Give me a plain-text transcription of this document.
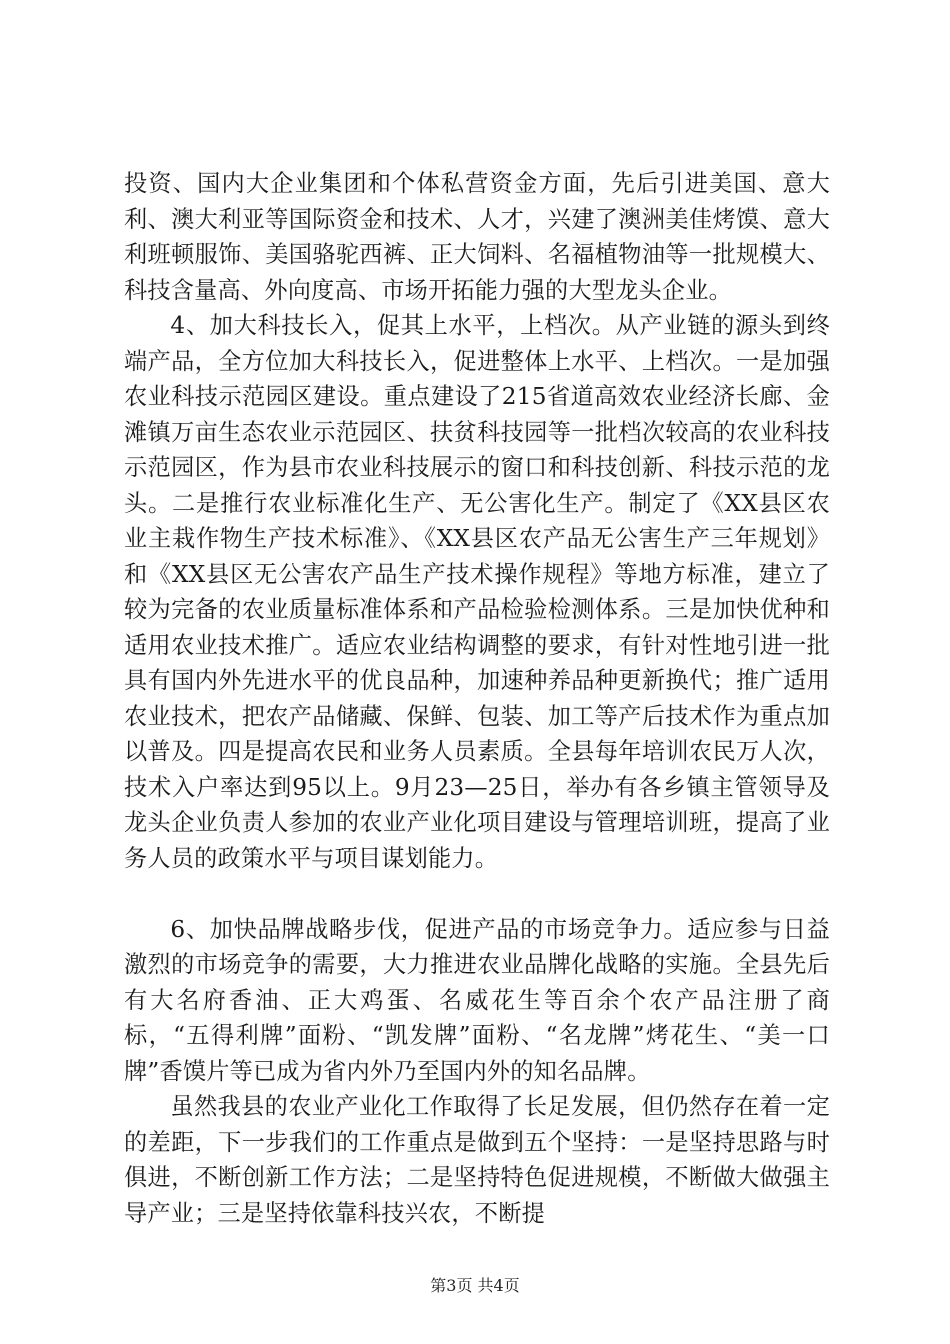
投资、国内大企业集团和个体私营资金方面，先后引进美国、意大利、澳大利亚等国际资金和技术、人才，兴建了澳洲美佳烤馍、意大利班顿服饰、美国骆驼西裤、正大饲料、名福植物油等一批规模大、科技含量高、外向度高、市场开拓能力强的大型龙头企业。

4、加大科技长入，促其上水平，上档次。从产业链的源头到终端产品，全方位加大科技长入，促进整体上水平、上档次。一是加强农业科技示范园区建设。重点建设了215省道高效农业经济长廊、金滩镇万亩生态农业示范园区、扶贫科技园等一批档次较高的农业科技示范园区，作为县市农业科技展示的窗口和科技创新、科技示范的龙头。二是推行农业标准化生产、无公害化生产。制定了《XX县区农业主栽作物生产技术标准》、《XX县区农产品无公害生产三年规划》和《XX县区无公害农产品生产技术操作规程》等地方标准，建立了较为完备的农业质量标准体系和产品检验检测体系。三是加快优种和适用农业技术推广。适应农业结构调整的要求，有针对性地引进一批具有国内外先进水平的优良品种，加速种养品种更新换代；推广适用农业技术，把农产品储藏、保鲜、包装、加工等产后技术作为重点加以普及。四是提高农民和业务人员素质。全县每年培训农民万人次，技术入户率达到95以上。9月23—25日，举办有各乡镇主管领导及龙头企业负责人参加的农业产业化项目建设与管理培训班，提高了业务人员的政策水平与项目谋划能力。

6、加快品牌战略步伐，促进产品的市场竞争力。适应参与日益激烈的市场竞争的需要，大力推进农业品牌化战略的实施。全县先后有大名府香油、正大鸡蛋、名威花生等百余个农产品注册了商标，“五得利牌”面粉、“凯发牌”面粉、“名龙牌”烤花生、“美一口牌”香馍片等已成为省内外乃至国内外的知名品牌。

虽然我县的农业产业化工作取得了长足发展，但仍然存在着一定的差距，下一步我们的工作重点是做到五个坚持：一是坚持思路与时俱进，不断创新工作方法；二是坚持特色促进规模，不断做大做强主导产业；三是坚持依靠科技兴农，不断提

第3页 共4页
